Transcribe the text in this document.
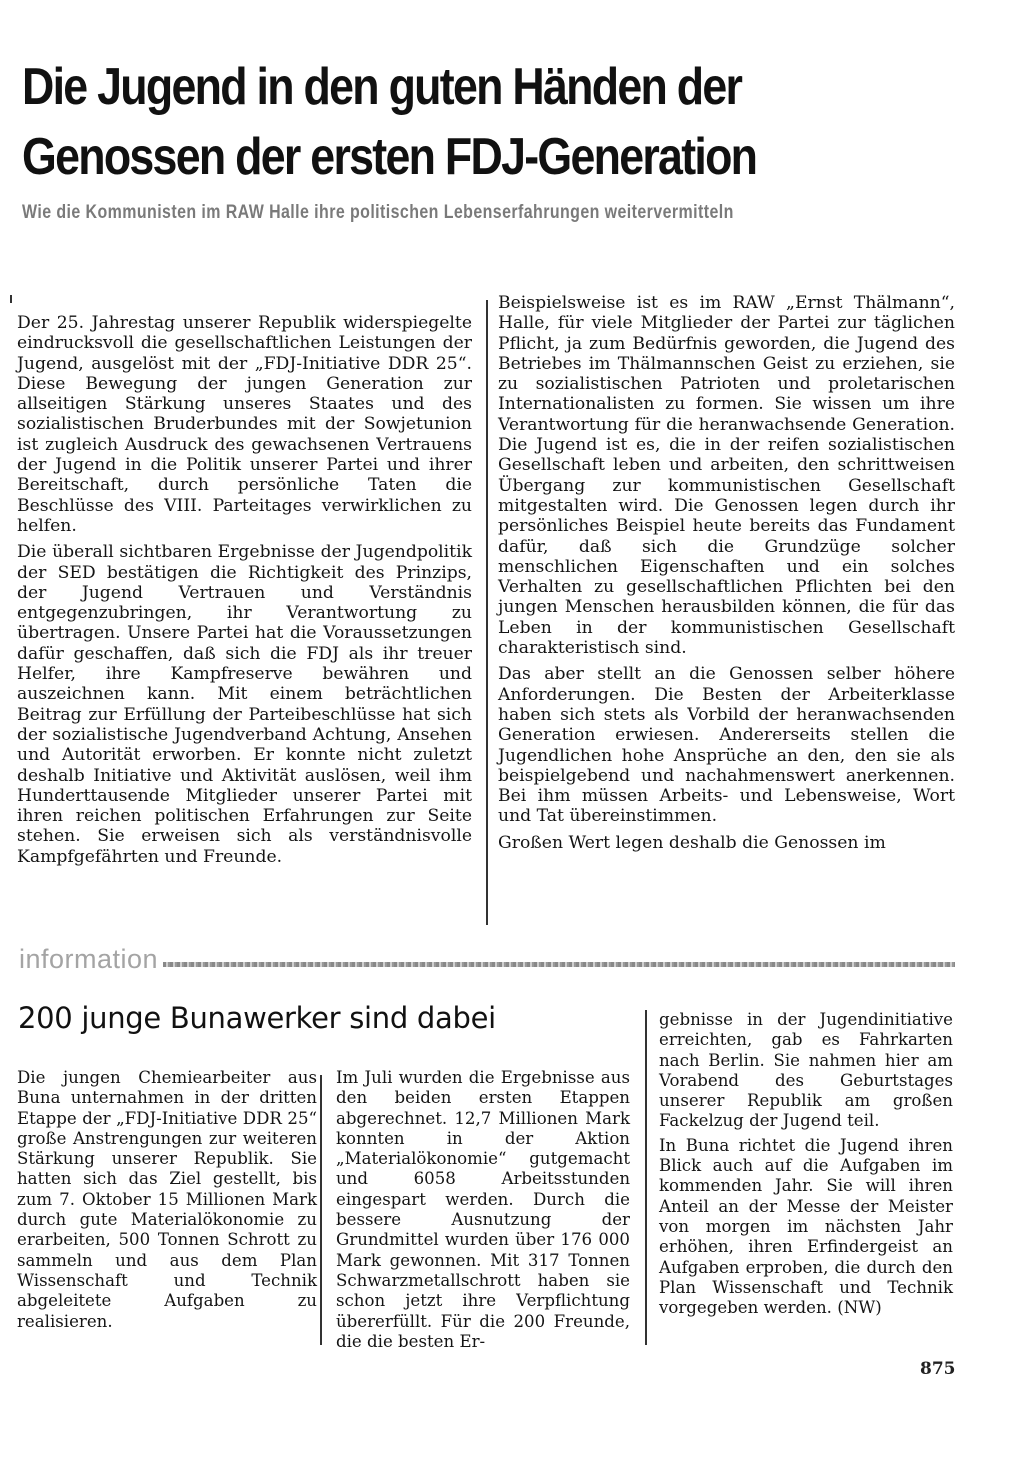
Die Jugend in den guten Händen der
Genossen der ersten FDJ-Generation
Wie die Kommunisten im RAW Halle ihre politischen Lebenserfahrungen weitervermitteln

Der 25. Jahrestag unserer Republik widerspiegelte eindrucksvoll die gesellschaftlichen Leistungen der Jugend, ausgelöst mit der „FDJ-Initiative DDR 25“. Diese Bewegung der jungen Generation zur allseitigen Stärkung unseres Staates und des sozialistischen Bruderbundes mit der Sowjetunion ist zugleich Ausdruck des gewachsenen Vertrauens der Jugend in die Politik unserer Partei und ihrer Bereitschaft, durch persönliche Taten die Beschlüsse des VIII. Parteitages verwirklichen zu helfen.

Die überall sichtbaren Ergebnisse der Jugendpolitik der SED bestätigen die Richtigkeit des Prinzips, der Jugend Vertrauen und Verständnis entgegenzubringen, ihr Verantwortung zu übertragen. Unsere Partei hat die Voraussetzungen dafür geschaffen, daß sich die FDJ als ihr treuer Helfer, ihre Kampfreserve bewähren und auszeichnen kann. Mit einem beträchtlichen Beitrag zur Erfüllung der Parteibeschlüsse hat sich der sozialistische Jugendverband Achtung, Ansehen und Autorität erworben. Er konnte nicht zuletzt deshalb Initiative und Aktivität auslösen, weil ihm Hunderttausende Mitglieder unserer Partei mit ihren reichen politischen Erfahrungen zur Seite stehen. Sie erweisen sich als verständnisvolle Kampfgefährten und Freunde.

Beispielsweise ist es im RAW „Ernst Thälmann“, Halle, für viele Mitglieder der Partei zur täglichen Pflicht, ja zum Bedürfnis geworden, die Jugend des Betriebes im Thälmannschen Geist zu erziehen, sie zu sozialistischen Patrioten und proletarischen Internationalisten zu formen. Sie wissen um ihre Verantwortung für die heranwachsende Generation. Die Jugend ist es, die in der reifen sozialistischen Gesellschaft leben und arbeiten, den schrittweisen Übergang zur kommunistischen Gesellschaft mitgestalten wird. Die Genossen legen durch ihr persönliches Beispiel heute bereits das Fundament dafür, daß sich die Grundzüge solcher menschlichen Eigenschaften und ein solches Verhalten zu gesellschaftlichen Pflichten bei den jungen Menschen herausbilden können, die für das Leben in der kommunistischen Gesellschaft charakteristisch sind.

Das aber stellt an die Genossen selber höhere Anforderungen. Die Besten der Arbeiterklasse haben sich stets als Vorbild der heranwachsenden Generation erwiesen. Andererseits stellen die Jugendlichen hohe Ansprüche an den, den sie als beispielgebend und nachahmenswert anerkennen. Bei ihm müssen Arbeits- und Lebensweise, Wort und Tat übereinstimmen.

Großen Wert legen deshalb die Genossen im

information
200 junge Bunawerker sind dabei

Die jungen Chemiearbeiter aus Buna unternahmen in der dritten Etappe der „FDJ-Initiative DDR 25“ große Anstrengungen zur weiteren Stärkung unserer Republik. Sie hatten sich das Ziel gestellt, bis zum 7. Oktober 15 Millionen Mark durch gute Materialökonomie zu erarbeiten, 500 Tonnen Schrott zu sammeln und aus dem Plan Wissenschaft und Technik abgeleitete Aufgaben zu realisieren.

Im Juli wurden die Ergebnisse aus den beiden ersten Etappen abgerechnet. 12,7 Millionen Mark konnten in der Aktion „Materialökonomie“ gutgemacht und 6058 Arbeitsstunden eingespart werden. Durch die bessere Ausnutzung der Grundmittel wurden über 176 000 Mark gewonnen. Mit 317 Tonnen Schwarzmetallschrott haben sie schon jetzt ihre Verpflichtung übererfüllt. Für die 200 Freunde, die die besten Er-

gebnisse in der Jugendinitiative erreichten, gab es Fahrkarten nach Berlin. Sie nahmen hier am Vorabend des Geburtstages unserer Republik am großen Fackelzug der Jugend teil.

In Buna richtet die Jugend ihren Blick auch auf die Aufgaben im kommenden Jahr. Sie will ihren Anteil an der Messe der Meister von morgen im nächsten Jahr erhöhen, ihren Erfindergeist an Aufgaben erproben, die durch den Plan Wissenschaft und Technik vorgegeben werden. (NW)

875
